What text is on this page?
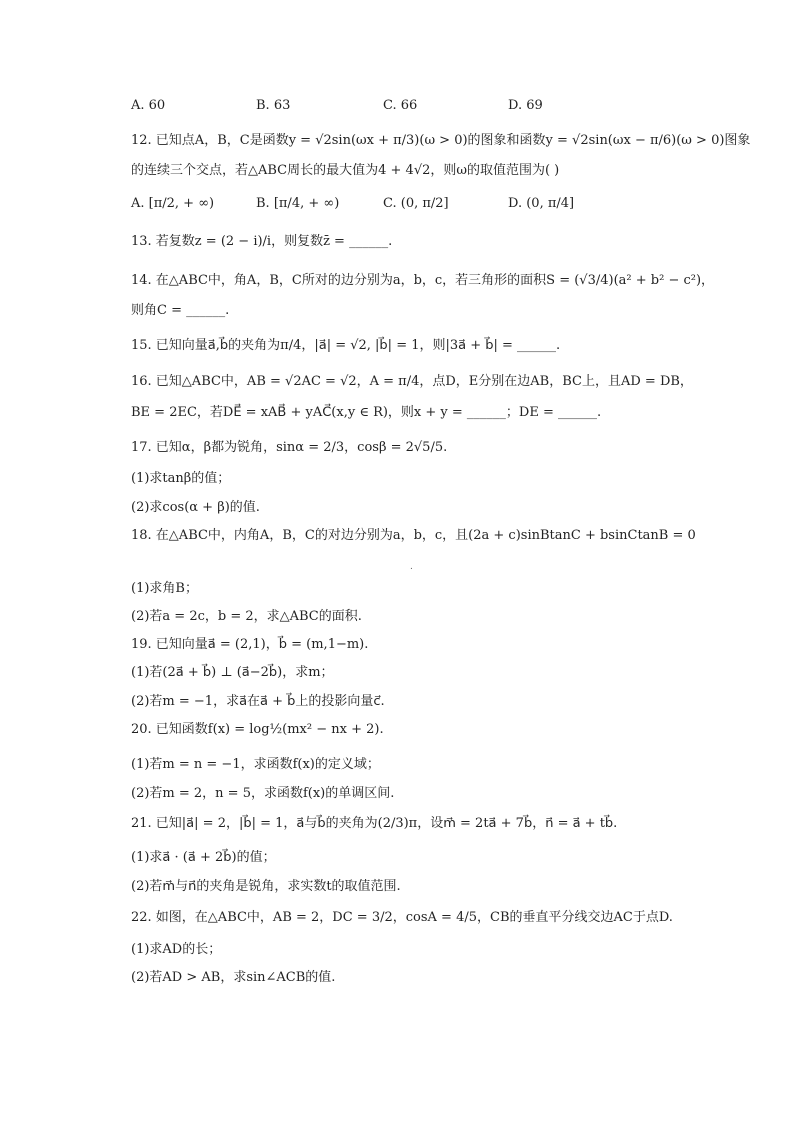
A. 60	B. 63	C. 66	D. 69
12. 已知点A，B，C是函数y = √2sin(ωx + π/3)(ω > 0)的图象和函数y = √2sin(ωx − π/6)(ω > 0)图象
的连续三个交点，若△ABC周长的最大值为4 + 4√2，则ω的取值范围为( )
A. [π/2, + ∞)	B. [π/4, + ∞)	C. (0, π/2]	D. (0, π/4]
13. 若复数z = (2 − i)/i，则复数z̄ = ______.
14. 在△ABC中，角A，B，C所对的边分别为a，b，c，若三角形的面积S = (√3/4)(a² + b² − c²)，
则角C = ______.
15. 已知向量a⃗,b⃗的夹角为π/4，|a⃗| = √2, |b⃗| = 1，则|3a⃗ + b⃗| = ______.
16. 已知△ABC中，AB = √2AC = √2，A = π/4，点D，E分别在边AB，BC上，且AD = DB，
BE = 2EC，若DE⃗ = xAB⃗ + yAC⃗(x,y ∈ R)，则x + y = ______；DE = ______.
17. 已知α，β都为锐角，sinα = 2/3，cosβ = 2√5/5.
(1)求tanβ的值；
(2)求cos(α + β)的值.
18. 在△ABC中，内角A，B，C的对边分别为a，b，c，且(2a + c)sinBtanC + bsinCtanB = 0
.
(1)求角B；
(2)若a = 2c，b = 2，求△ABC的面积.
19. 已知向量a⃗ = (2,1)，b⃗ = (m,1−m).
(1)若(2a⃗ + b⃗) ⊥ (a⃗−2b⃗)，求m；
(2)若m = −1，求a⃗在a⃗ + b⃗上的投影向量c⃗.
20. 已知函数f(x) = log½(mx² − nx + 2).
(1)若m = n = −1，求函数f(x)的定义域；
(2)若m = 2，n = 5，求函数f(x)的单调区间.
21. 已知|a⃗| = 2，|b⃗| = 1，a⃗与b⃗的夹角为(2/3)π，设m⃗ = 2ta⃗ + 7b⃗，n⃗ = a⃗ + tb⃗.
(1)求a⃗ · (a⃗ + 2b⃗)的值；
(2)若m⃗与n⃗的夹角是锐角，求实数t的取值范围.
22. 如图，在△ABC中，AB = 2，DC = 3/2，cosA = 4/5，CB的垂直平分线交边AC于点D.
(1)求AD的长；
(2)若AD > AB，求sin∠ACB的值.
